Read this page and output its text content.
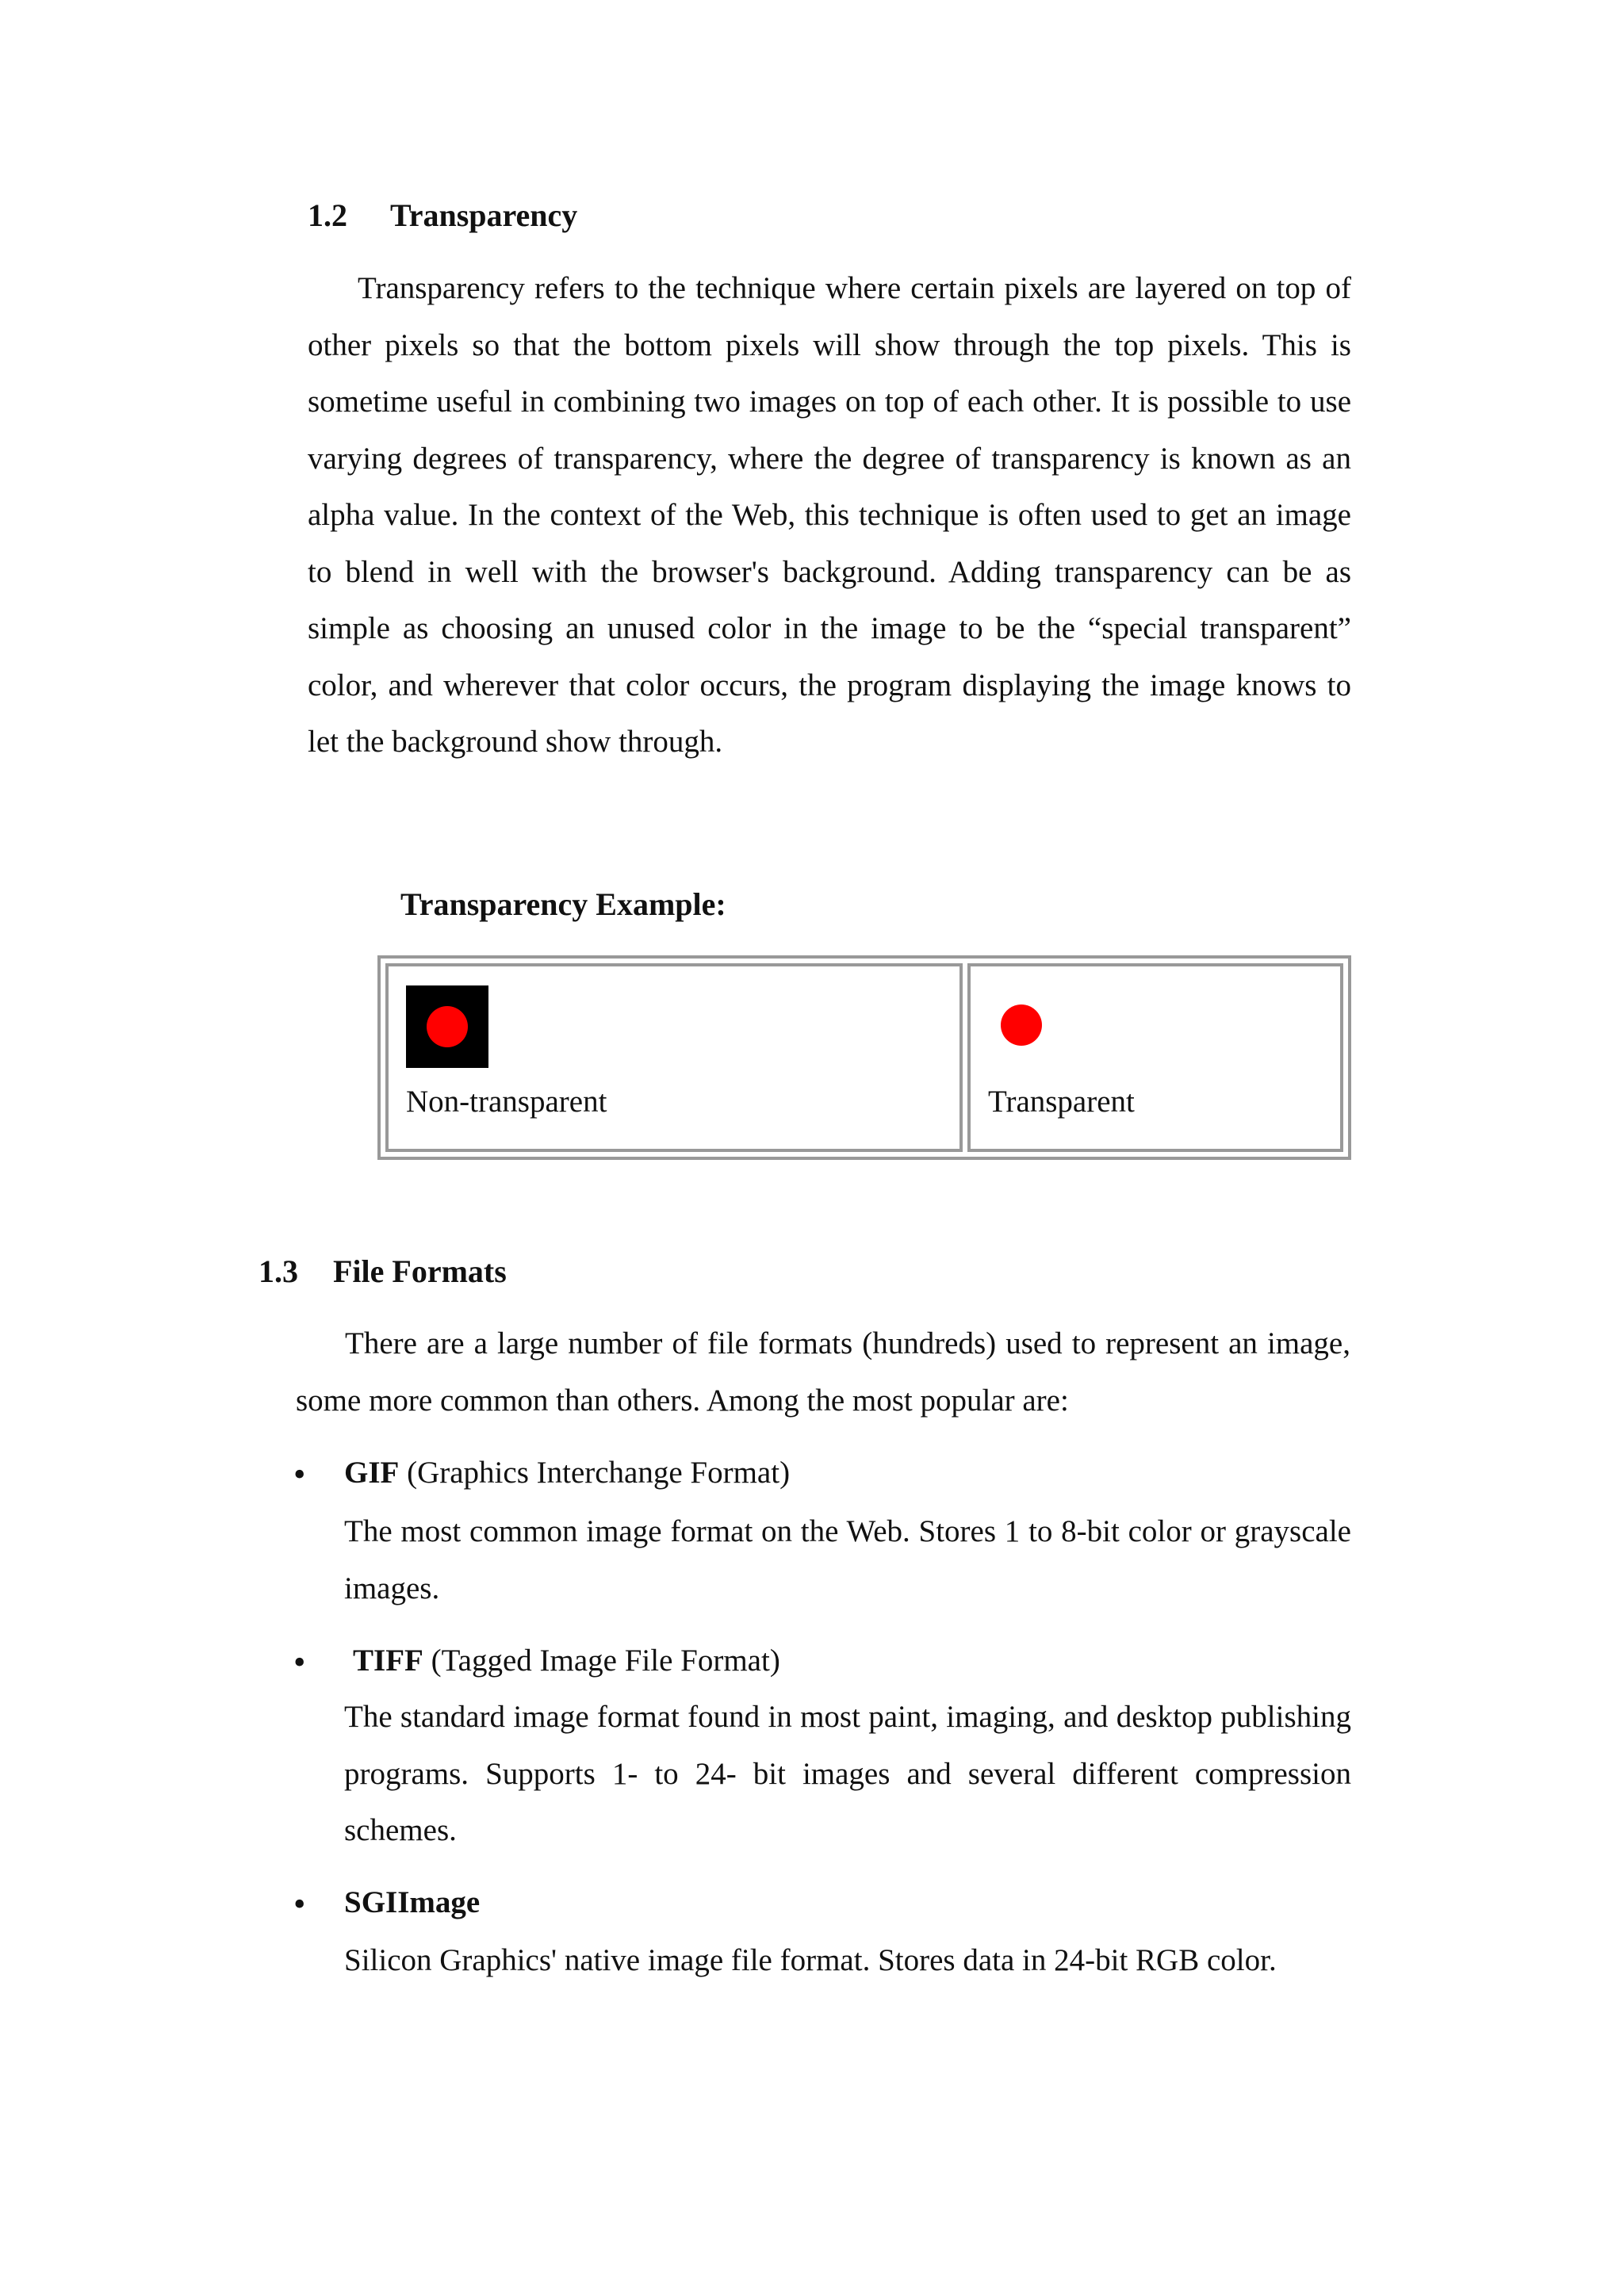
1.2 Transparency
Transparency refers to the technique where certain pixels are layered on top of other pixels so that the bottom pixels will show through the top pixels. This is sometime useful in combining two images on top of each other. It is possible to use varying degrees of transparency, where the degree of transparency is known as an alpha value. In the context of the Web, this technique is often used to get an image to blend in well with the browser's background. Adding transparency can be as simple as choosing an unused color in the image to be the “special transparent” color, and wherever that color occurs, the program displaying the image knows to let the background show through.
Transparency Example:
Non-transparent	Transparent
1.3 File Formats
There are a large number of file formats (hundreds) used to represent an image, some more common than others. Among the most popular are:
• GIF (Graphics Interchange Format)
The most common image format on the Web. Stores 1 to 8-bit color or grayscale images.
• TIFF (Tagged Image File Format)
The standard image format found in most paint, imaging, and desktop publishing programs. Supports 1- to 24- bit images and several different compression schemes.
• SGIImage
Silicon Graphics' native image file format. Stores data in 24-bit RGB color.
